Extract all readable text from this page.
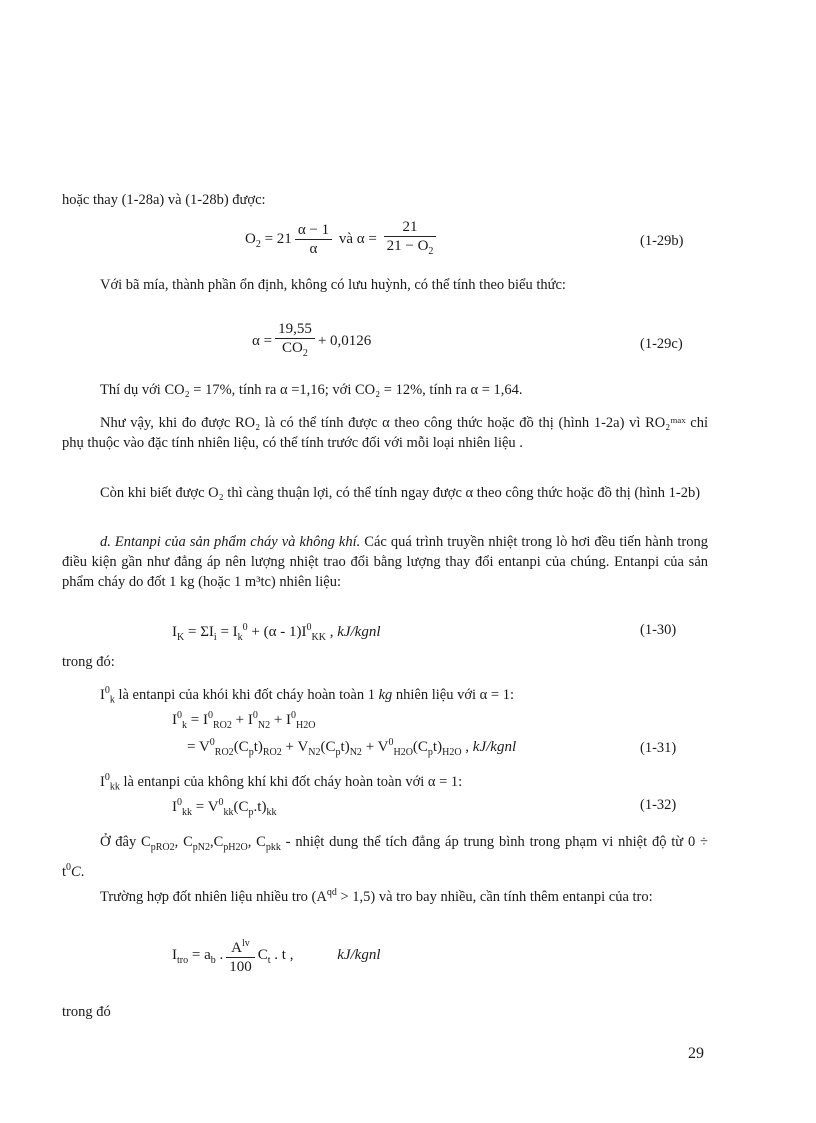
hoặc thay (1-28a) và (1-28b) được:
$O_2 = 21 \frac{\alpha - 1}{\alpha}$ và $\alpha = \frac{21}{21 - O_2}$	(1-29b)
Với bã mía, thành phần ổn định, không có lưu huỳnh, có thể tính theo biểu thức:
$\alpha = \frac{19,55}{CO_2} + 0,0126$	(1-29c)
Thí dụ với CO₂ = 17%, tính ra α =1,16; với CO₂ = 12%, tính ra α = 1,64.
Như vậy, khi đo được RO₂ là có thể tính được α theo công thức hoặc đồ thị (hình 1-2a) vì RO₂ᵐᵃˣ chỉ phụ thuộc vào đặc tính nhiên liệu, có thể tính trước đối với mỗi loại nhiên liệu .
Còn khi biết được O₂ thì càng thuận lợi, có thể tính ngay được α theo công thức hoặc đồ thị (hình 1-2b)
d. Entanpi của sản phẩm cháy và không khí. Các quá trình truyền nhiệt trong lò hơi đều tiến hành trong điều kiện gần như đẳng áp nên lượng nhiệt trao đổi bằng lượng thay đổi entanpi của chúng. Entanpi của sản phẩm cháy do đốt 1 kg (hoặc 1 m³tc) nhiên liệu:
$I_K = \Sigma I_i = I_k^0 + (\alpha - 1)I^0_{KK}$ , kJ/kgnl	(1-30)
trong đó:
$I^0_k$ là entanpi của khói khi đốt cháy hoàn toàn 1 kg nhiên liệu với α = 1:
$I^0_k = I^0_{RO2} + I^0_{N2} + I^0_{H2O}$
= $V^0_{RO2}(C_pt)_{RO2} + V_{N2}(C_pt)_{N2} + V^0_{H2O}(C_pt)_{H2O}$ , kJ/kgnl	(1-31)
$I^0_{kk}$ là entanpi của không khí khi đốt cháy hoàn toàn với α = 1:
$I^0_{kk} = V^0_{kk}(C_p.t)_{kk}$	(1-32)
Ở đây $C_{pRO2}$, $C_{pN2},C_{pH2O}$, $C_{pkk}$ - nhiệt dung thể tích đẳng áp trung bình trong phạm vi nhiệt độ từ $0 \div t^0C$.
Trường hợp đốt nhiên liệu nhiều tro $(A^{qd} > 1,5)$ và tro bay nhiều, cần tính thêm entanpi của tro:
$I_{tro} = a_b$ . $\frac{A^{lv}}{100} C_t$ . t ,	kJ/kgnl
trong đó
29
